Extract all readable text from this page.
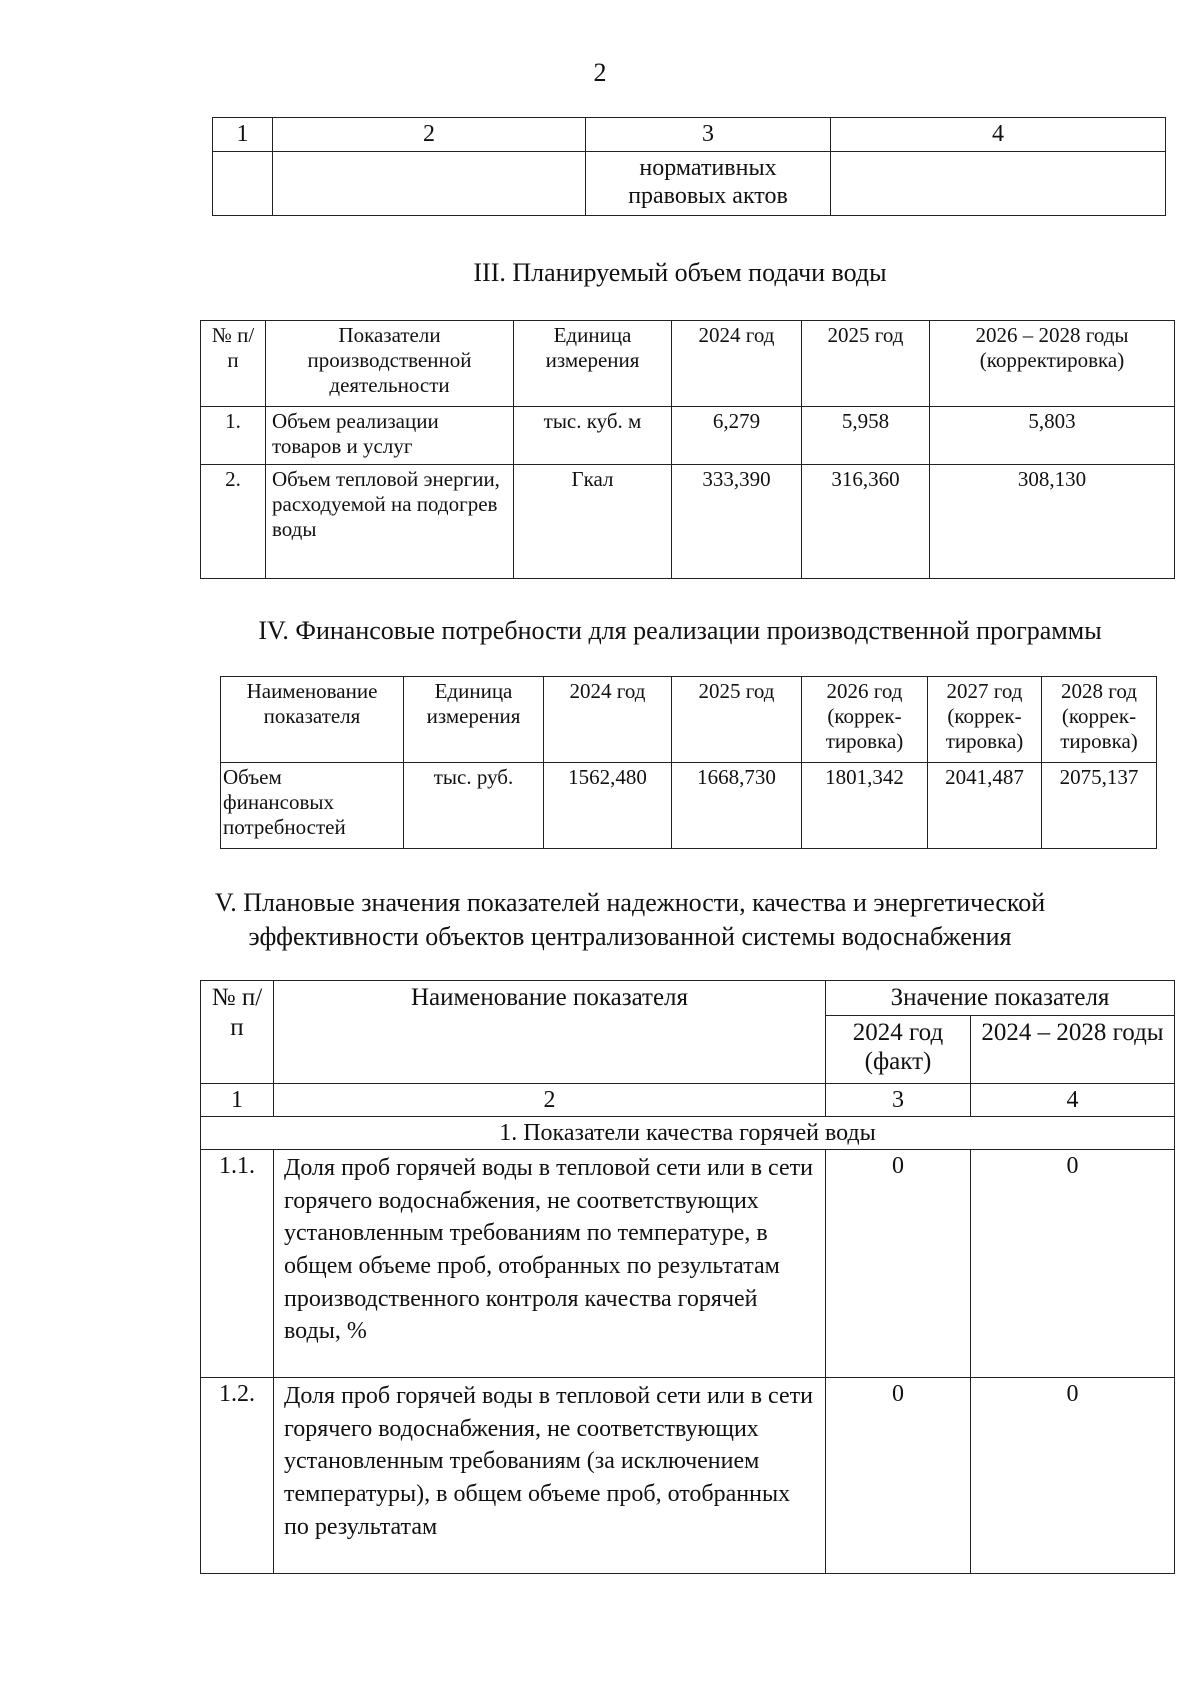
2
1	2	3	4
		нормативных правовых актов	
III. Планируемый объем подачи воды
№ п/п	Показатели производственной деятельности	Единица измерения	2024 год	2025 год	2026 – 2028 годы (корректировка)
1.	Объем реализации товаров и услуг	тыс. куб. м	6,279	5,958	5,803
2.	Объем тепловой энергии, расходуемой на подогрев воды	Гкал	333,390	316,360	308,130
IV. Финансовые потребности для реализации производственной программы
Наименование показателя	Единица измерения	2024 год	2025 год	2026 год (коррек-тировка)	2027 год (коррек-тировка)	2028 год (коррек-тировка)
Объем финансовых потребностей	тыс. руб.	1562,480	1668,730	1801,342	2041,487	2075,137
V. Плановые значения показателей надежности, качества и энергетической
эффективности объектов централизованной системы водоснабжения
№ п/п	Наименование показателя	Значение показателя	
		2024 год (факт)	2024 – 2028 годы
1	2	3	4
1. Показатели качества горячей воды			
1.1.	Доля проб горячей воды в тепловой сети или в сети горячего водоснабжения, не соответствующих установленным требованиям по температуре, в общем объеме проб, отобранных по результатам производственного контроля качества горячей воды, %	0	0
1.2.	Доля проб горячей воды в тепловой сети или в сети горячего водоснабжения, не соответствующих установленным требованиям (за исключением температуры), в общем объеме проб, отобранных по результатам	0	0
